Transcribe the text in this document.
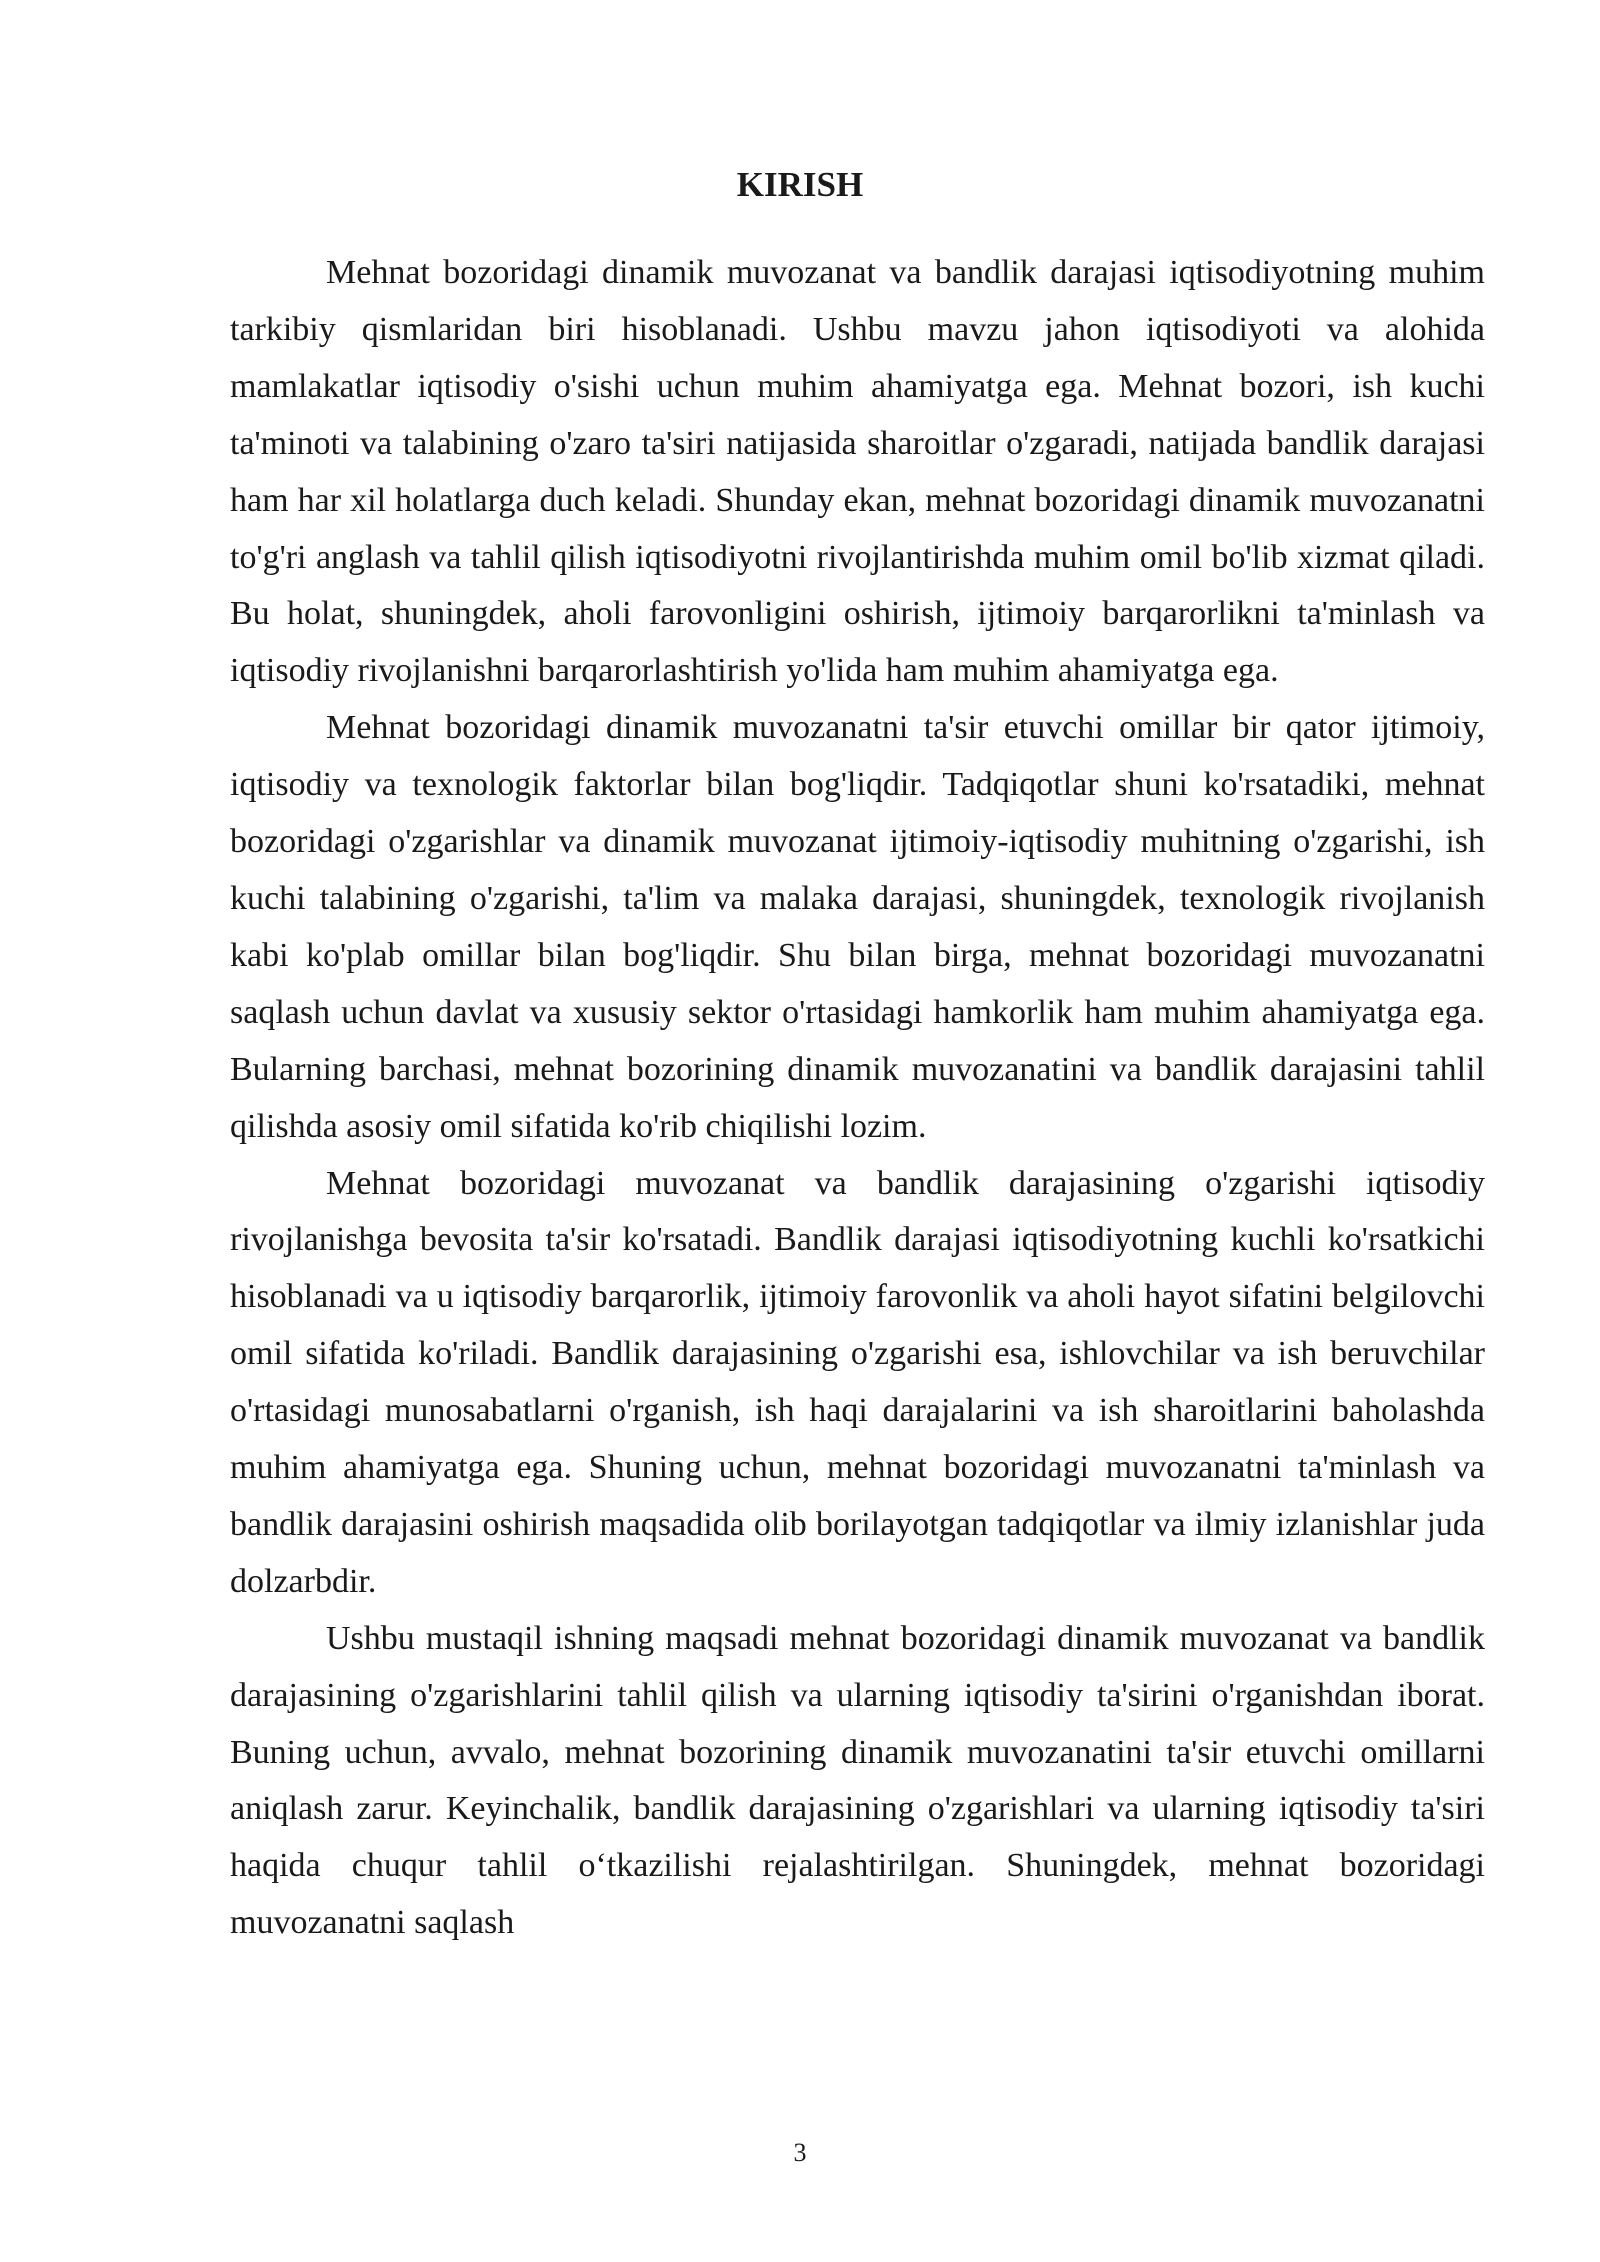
KIRISH

Mehnat bozoridagi dinamik muvozanat va bandlik darajasi iqtisodiyotning muhim tarkibiy qismlaridan biri hisoblanadi. Ushbu mavzu jahon iqtisodiyoti va alohida mamlakatlar iqtisodiy o'sishi uchun muhim ahamiyatga ega. Mehnat bozori, ish kuchi ta'minoti va talabining o'zaro ta'siri natijasida sharoitlar o'zgaradi, natijada bandlik darajasi ham har xil holatlarga duch keladi. Shunday ekan, mehnat bozoridagi dinamik muvozanatni to'g'ri anglash va tahlil qilish iqtisodiyotni rivojlantirishda muhim omil bo'lib xizmat qiladi. Bu holat, shuningdek, aholi farovonligini oshirish, ijtimoiy barqarorlikni ta'minlash va iqtisodiy rivojlanishni barqarorlashtirish yo'lida ham muhim ahamiyatga ega.

Mehnat bozoridagi dinamik muvozanatni ta'sir etuvchi omillar bir qator ijtimoiy, iqtisodiy va texnologik faktorlar bilan bog'liqdir. Tadqiqotlar shuni ko'rsatadiki, mehnat bozoridagi o'zgarishlar va dinamik muvozanat ijtimoiy-iqtisodiy muhitning o'zgarishi, ish kuchi talabining o'zgarishi, ta'lim va malaka darajasi, shuningdek, texnologik rivojlanish kabi ko'plab omillar bilan bog'liqdir. Shu bilan birga, mehnat bozoridagi muvozanatni saqlash uchun davlat va xususiy sektor o'rtasidagi hamkorlik ham muhim ahamiyatga ega. Bularning barchasi, mehnat bozorining dinamik muvozanatini va bandlik darajasini tahlil qilishda asosiy omil sifatida ko'rib chiqilishi lozim.

Mehnat bozoridagi muvozanat va bandlik darajasining o'zgarishi iqtisodiy rivojlanishga bevosita ta'sir ko'rsatadi. Bandlik darajasi iqtisodiyotning kuchli ko'rsatkichi hisoblanadi va u iqtisodiy barqarorlik, ijtimoiy farovonlik va aholi hayot sifatini belgilovchi omil sifatida ko'riladi. Bandlik darajasining o'zgarishi esa, ishlovchilar va ish beruvchilar o'rtasidagi munosabatlarni o'rganish, ish haqi darajalarini va ish sharoitlarini baholashda muhim ahamiyatga ega. Shuning uchun, mehnat bozoridagi muvozanatni ta'minlash va bandlik darajasini oshirish maqsadida olib borilayotgan tadqiqotlar va ilmiy izlanishlar juda dolzarbdir.

Ushbu mustaqil ishning maqsadi mehnat bozoridagi dinamik muvozanat va bandlik darajasining o'zgarishlarini tahlil qilish va ularning iqtisodiy ta'sirini o'rganishdan iborat. Buning uchun, avvalo, mehnat bozorining dinamik muvozanatini ta'sir etuvchi omillarni aniqlash zarur. Keyinchalik, bandlik darajasining o'zgarishlari va ularning iqtisodiy ta'siri haqida chuqur tahlil o‘tkazilishi rejalashtirilgan. Shuningdek, mehnat bozoridagi muvozanatni saqlash

3
